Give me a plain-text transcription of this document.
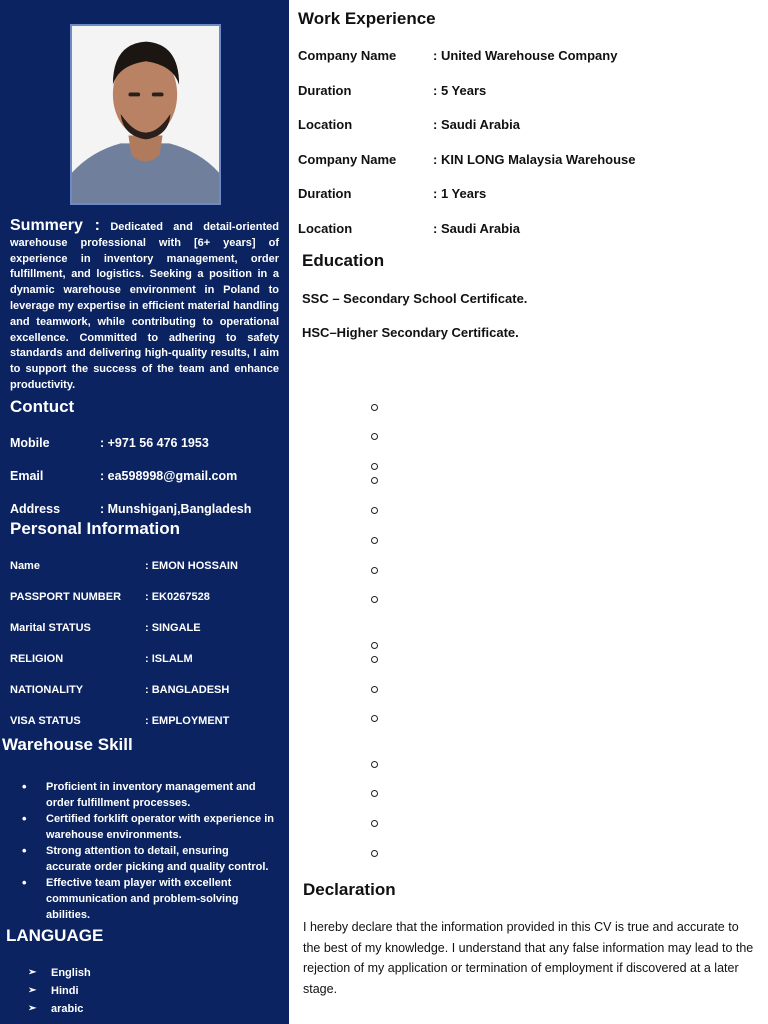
Summery : Dedicated and detail-oriented warehouse professional with [6+ years] of experience in inventory management, order fulfillment, and logistics. Seeking a position in a dynamic warehouse environment in Poland to leverage my expertise in efficient material handling and teamwork, while contributing to operational excellence. Committed to adhering to safety standards and delivering high-quality results, I aim to support the success of the team and enhance productivity.
Contuct
Mobile	: +971 56 476 1953
Email	: ea598998@gmail.com
Address	: Munshiganj,Bangladesh
Personal Information
Name	: EMON HOSSAIN
PASSPORT NUMBER : EK0267528
Marital STATUS	: SINGALE
RELIGION	: ISLALM
NATIONALITY	: BANGLADESH
VISA STATUS	: EMPLOYMENT
Warehouse Skill
• Proficient in inventory management and order fulfillment processes.
• Certified forklift operator with experience in warehouse environments.
• Strong attention to detail, ensuring accurate order picking and quality control.
• Effective team player with excellent communication and problem-solving abilities.
LANGUAGE
➢ English
➢ Hindi
➢ arabic
Work Experience
Company Name	: United Warehouse Company
Duration	: 5 Years
Location	: Saudi Arabia
Company Name	: KIN LONG Malaysia Warehouse
Duration	: 1 Years
Location	: Saudi Arabia
Education
SSC – Secondary School Certificate.
HSC–Higher Secondary Certificate.
Declaration
I hereby declare that the information provided in this CV is true and accurate to the best of my knowledge. I understand that any false information may lead to the rejection of my application or termination of employment if discovered at a later stage.
